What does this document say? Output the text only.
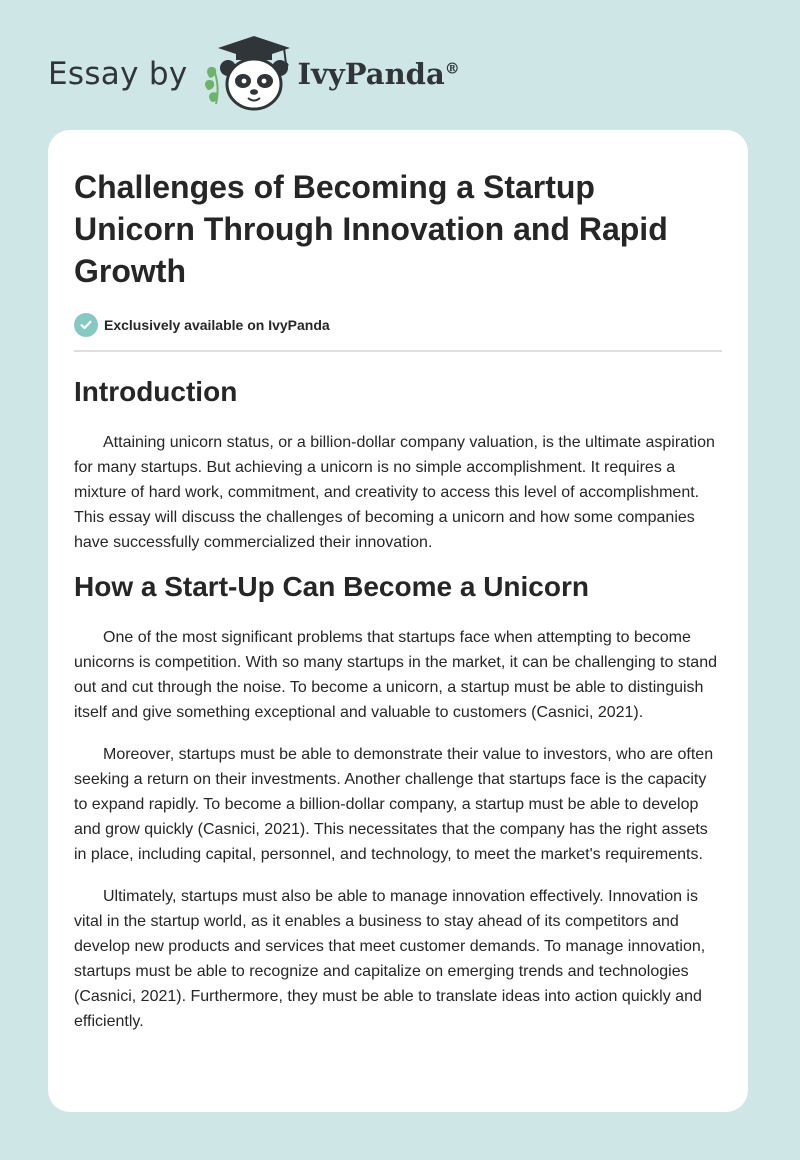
Essay by	IvyPanda®
Challenges of Becoming a Startup Unicorn Through Innovation and Rapid Growth
Exclusively available on IvyPanda
Introduction

Attaining unicorn status, or a billion-dollar company valuation, is the ultimate aspiration for many startups. But achieving a unicorn is no simple accomplishment. It requires a mixture of hard work, commitment, and creativity to access this level of accomplishment. This essay will discuss the challenges of becoming a unicorn and how some companies have successfully commercialized their innovation.

How a Start-Up Can Become a Unicorn

One of the most significant problems that startups face when attempting to become unicorns is competition. With so many startups in the market, it can be challenging to stand out and cut through the noise. To become a unicorn, a startup must be able to distinguish itself and give something exceptional and valuable to customers (Casnici, 2021).

Moreover, startups must be able to demonstrate their value to investors, who are often seeking a return on their investments. Another challenge that startups face is the capacity to expand rapidly. To become a billion-dollar company, a startup must be able to develop and grow quickly (Casnici, 2021). This necessitates that the company has the right assets in place, including capital, personnel, and technology, to meet the market's requirements.

Ultimately, startups must also be able to manage innovation effectively. Innovation is vital in the startup world, as it enables a business to stay ahead of its competitors and develop new products and services that meet customer demands. To manage innovation, startups must be able to recognize and capitalize on emerging trends and technologies (Casnici, 2021). Furthermore, they must be able to translate ideas into action quickly and efficiently.
